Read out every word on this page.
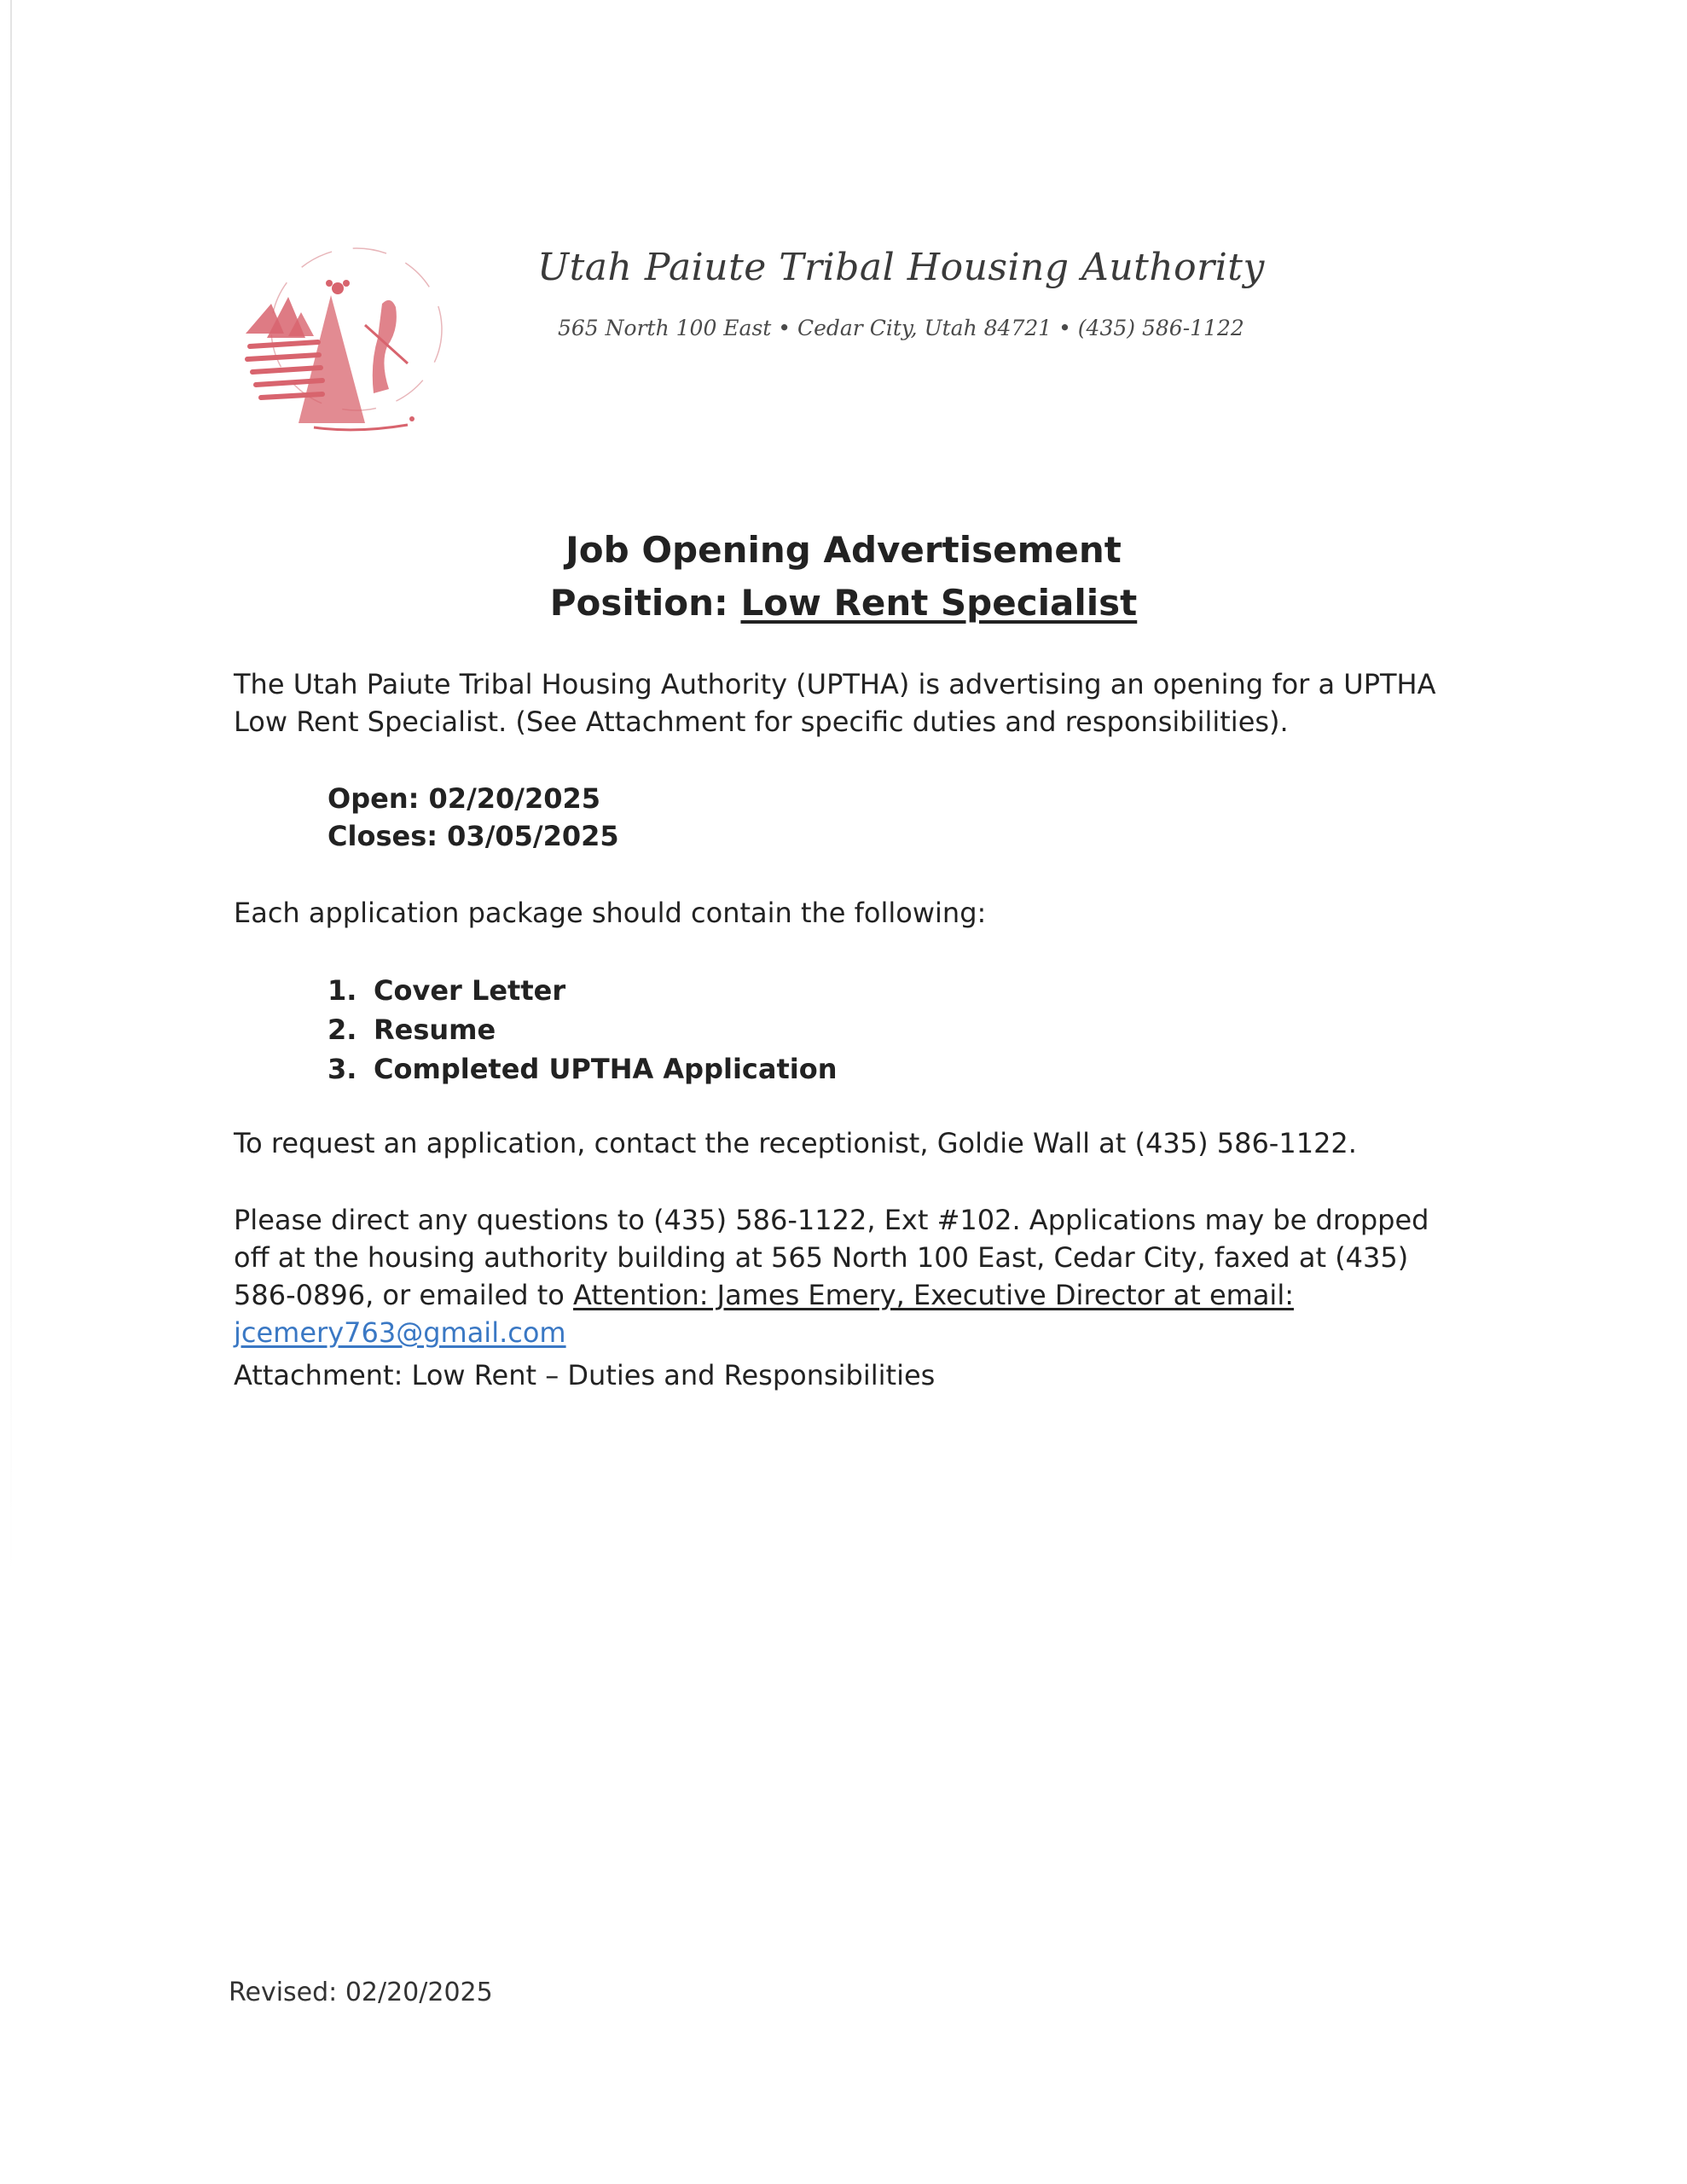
Utah Paiute Tribal Housing Authority
565 North 100 East • Cedar City, Utah 84721 • (435) 586-1122
Job Opening Advertisement
Position: Low Rent Specialist
The Utah Paiute Tribal Housing Authority (UPTHA) is advertising an opening for a UPTHA Low Rent Specialist. (See Attachment for specific duties and responsibilities).
Open: 02/20/2025
Closes: 03/05/2025
Each application package should contain the following:
1. Cover Letter
2. Resume
3. Completed UPTHA Application
To request an application, contact the receptionist, Goldie Wall at (435) 586-1122.
Please direct any questions to (435) 586-1122, Ext #102. Applications may be dropped off at the housing authority building at 565 North 100 East, Cedar City, faxed at (435) 586-0896, or emailed to Attention: James Emery, Executive Director at email: jcemery763@gmail.com
Attachment: Low Rent – Duties and Responsibilities
Revised: 02/20/2025
